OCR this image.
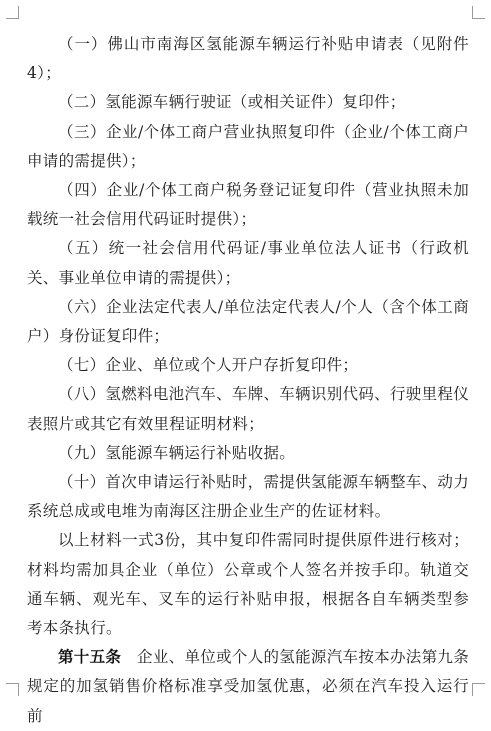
（一）佛山市南海区氢能源车辆运行补贴申请表（见附件4）；

（二）氢能源车辆行驶证（或相关证件）复印件；

（三）企业/个体工商户营业执照复印件（企业/个体工商户申请的需提供）；

（四）企业/个体工商户税务登记证复印件（营业执照未加载统一社会信用代码证时提供）；

（五）统一社会信用代码证/事业单位法人证书（行政机关、事业单位申请的需提供）；

（六）企业法定代表人/单位法定代表人/个人（含个体工商户）身份证复印件；

（七）企业、单位或个人开户存折复印件；

（八）氢燃料电池汽车、车牌、车辆识别代码、行驶里程仪表照片或其它有效里程证明材料；

（九）氢能源车辆运行补贴收据。

（十）首次申请运行补贴时，需提供氢能源车辆整车、动力系统总成或电堆为南海区注册企业生产的佐证材料。

以上材料一式3份，其中复印件需同时提供原件进行核对；材料均需加具企业（单位）公章或个人签名并按手印。轨道交通车辆、观光车、叉车的运行补贴申报，根据各自车辆类型参考本条执行。

第十五条　企业、单位或个人的氢能源汽车按本办法第九条规定的加氢销售价格标准享受加氢优惠，必须在汽车投入运行前
